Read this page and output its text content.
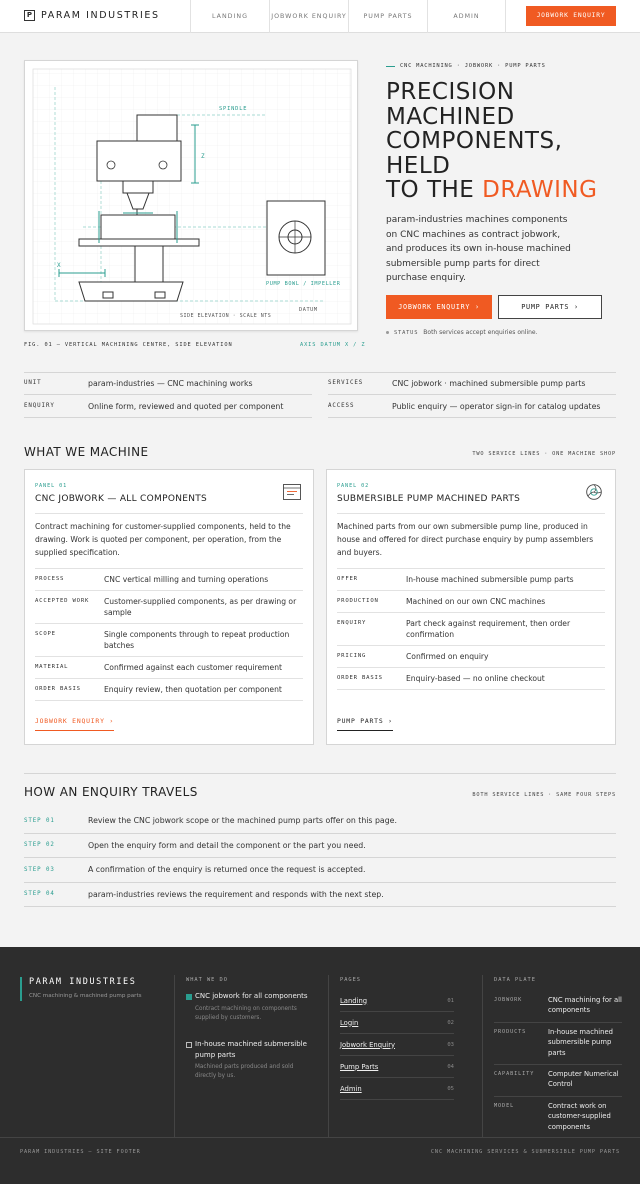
P PARAM INDUSTRIES	LANDING	JOBWORK ENQUIRY	PUMP PARTS	ADMIN	JOBWORK ENQUIRY
SPINDLE
Z
X
PUMP BOWL / IMPELLER
DATUM
SIDE ELEVATION · SCALE NTS
FIG. 01 — VERTICAL MACHINING CENTRE, SIDE ELEVATION	AXIS DATUM X / Z
CNC MACHINING · JOBWORK · PUMP PARTS
PRECISION
MACHINED
COMPONENTS,
HELD
TO THE DRAWING

param-industries machines components on CNC machines as contract jobwork, and produces its own in-house machined submersible pump parts for direct purchase enquiry.

JOBWORK ENQUIRY ›	PUMP PARTS ›
STATUS Both services accept enquiries online.
UNIT	param-industries — CNC machining works	SERVICES	CNC jobwork · machined submersible pump parts
ENQUIRY	Online form, reviewed and quoted per component	ACCESS	Public enquiry — operator sign-in for catalog updates
WHAT WE MACHINE	TWO SERVICE LINES · ONE MACHINE SHOP
PANEL 01
CNC JOBWORK — ALL COMPONENTS

Contract machining for customer-supplied components, held to the drawing. Work is quoted per component, per operation, from the supplied specification.

PROCESS	CNC vertical milling and turning operations
ACCEPTED WORK	Customer-supplied components, as per drawing or sample
SCOPE	Single components through to repeat production batches
MATERIAL	Confirmed against each customer requirement
ORDER BASIS	Enquiry review, then quotation per component
JOBWORK ENQUIRY ›
PANEL 02
SUBMERSIBLE PUMP MACHINED PARTS

Machined parts from our own submersible pump line, produced in house and offered for direct purchase enquiry by pump assemblers and buyers.

OFFER	In-house machined submersible pump parts
PRODUCTION	Machined on our own CNC machines
ENQUIRY	Part check against requirement, then order confirmation
PRICING	Confirmed on enquiry
ORDER BASIS	Enquiry-based — no online checkout
PUMP PARTS ›
HOW AN ENQUIRY TRAVELS	BOTH SERVICE LINES · SAME FOUR STEPS
STEP 01	Review the CNC jobwork scope or the machined pump parts offer on this page.
STEP 02	Open the enquiry form and detail the component or the part you need.
STEP 03	A confirmation of the enquiry is returned once the request is accepted.
STEP 04	param-industries reviews the requirement and responds with the next step.
PARAM INDUSTRIES
CNC machining & machined pump parts
WHAT WE DO
CNC jobwork for all components
Contract machining on components supplied by customers.
In-house machined submersible pump parts
Machined parts produced and sold directly by us.
PAGES
Landing	01
Login	02
Jobwork Enquiry	03
Pump Parts	04
Admin	05
DATA PLATE
JOBWORK	CNC machining for all components
PRODUCTS	In-house machined submersible pump parts
CAPABILITY	Computer Numerical Control
MODEL	Contract work on customer-supplied components
PARAM INDUSTRIES — SITE FOOTER	CNC MACHINING SERVICES & SUBMERSIBLE PUMP PARTS
